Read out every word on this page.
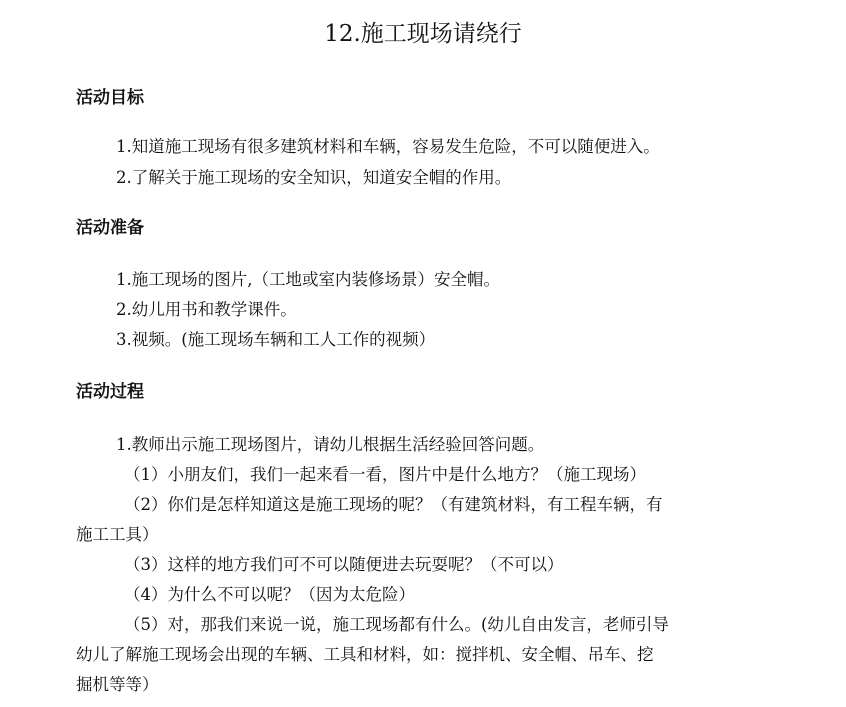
12.施工现场请绕行
活动目标
1.知道施工现场有很多建筑材料和车辆，容易发生危险，不可以随便进入。
2.了解关于施工现场的安全知识，知道安全帽的作用。
活动准备
1.施工现场的图片,（工地或室内装修场景）安全帽。
2.幼儿用书和教学课件。
3.视频。(施工现场车辆和工人工作的视频）
活动过程
1.教师出示施工现场图片，请幼儿根据生活经验回答问题。
（1）小朋友们，我们一起来看一看，图片中是什么地方？（施工现场）
（2）你们是怎样知道这是施工现场的呢？（有建筑材料，有工程车辆，有
施工工具）
（3）这样的地方我们可不可以随便进去玩耍呢？（不可以）
（4）为什么不可以呢？（因为太危险）
（5）对，那我们来说一说，施工现场都有什么。(幼儿自由发言，老师引导
幼儿了解施工现场会出现的车辆、工具和材料，如：搅拌机、安全帽、吊车、挖
掘机等等）
